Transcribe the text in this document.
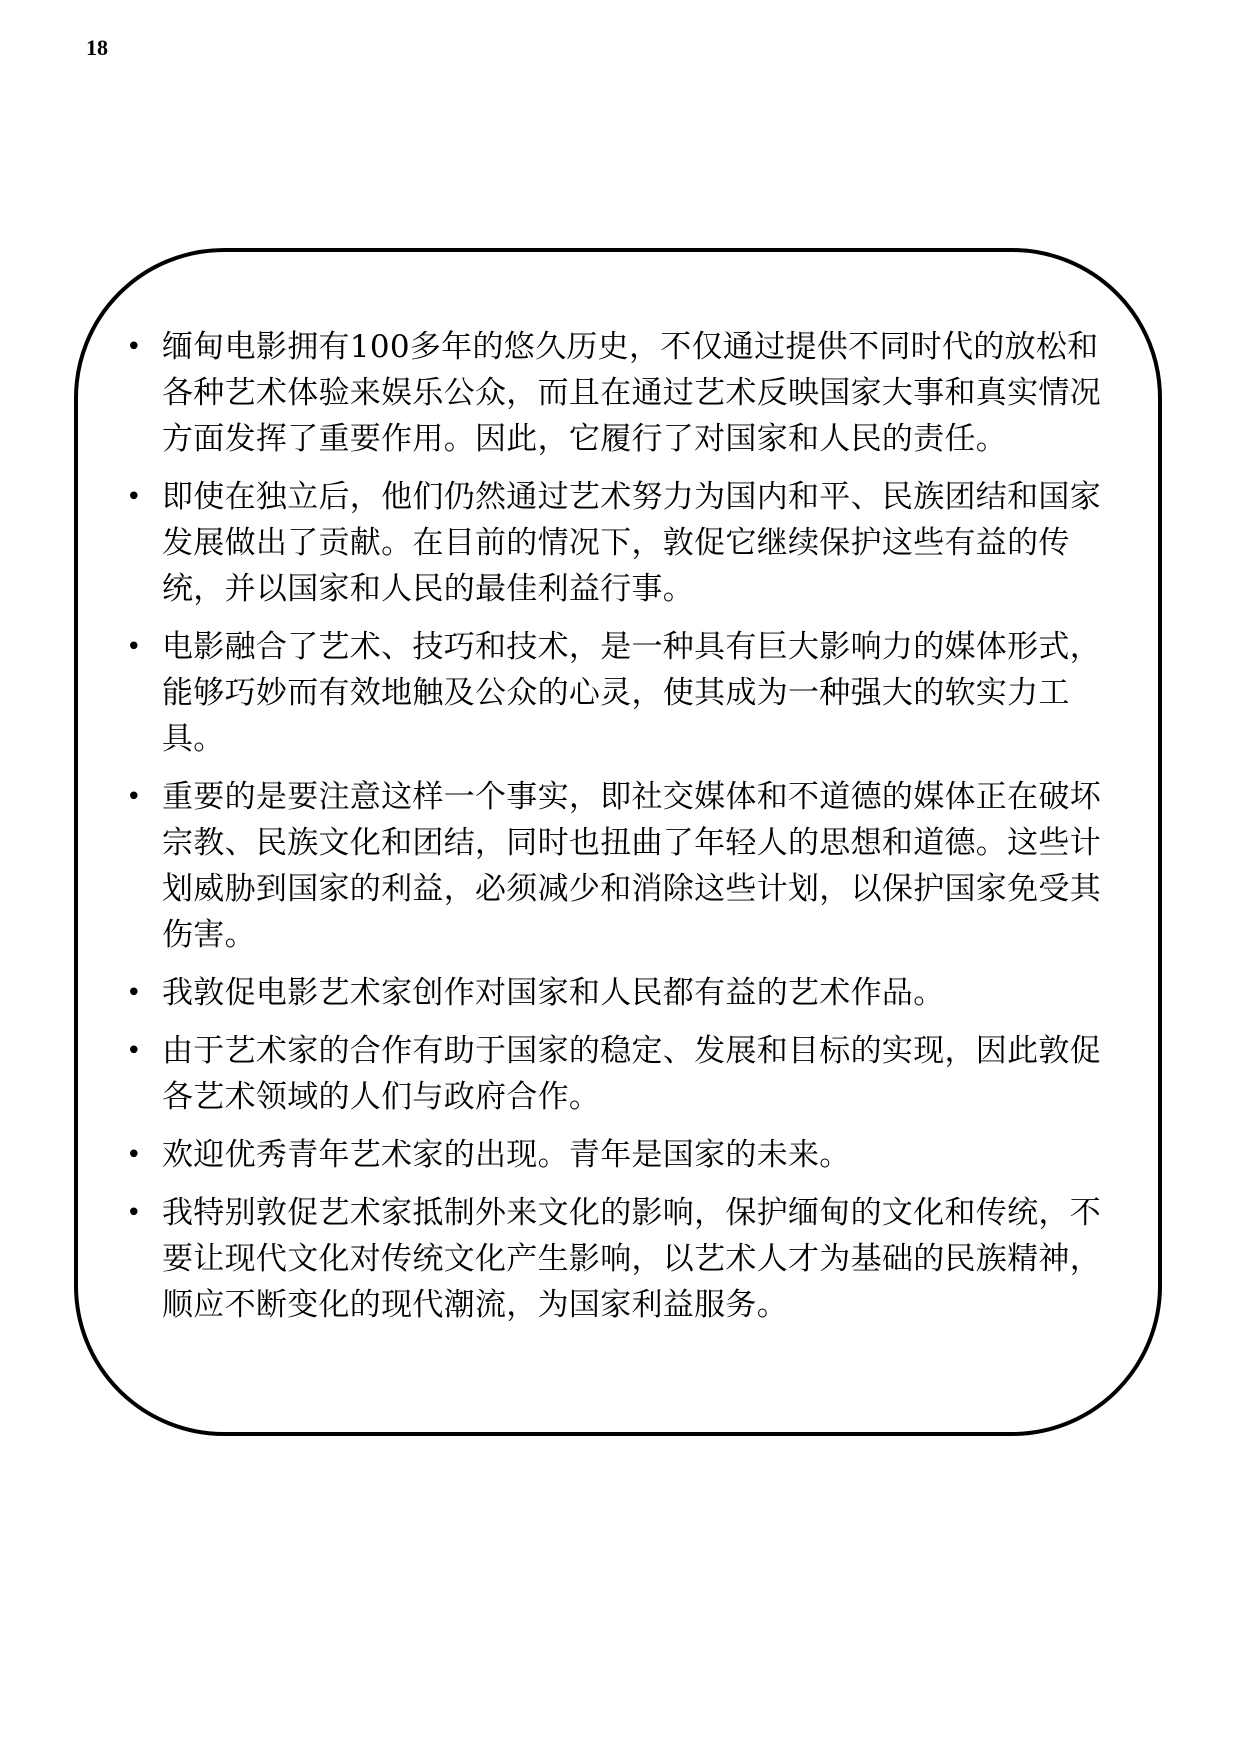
18
• 缅甸电影拥有100多年的悠久历史，不仅通过提供不同时代的放松和各种艺术体验来娱乐公众，而且在通过艺术反映国家大事和真实情况方面发挥了重要作用。因此，它履行了对国家和人民的责任。
• 即使在独立后，他们仍然通过艺术努力为国内和平、民族团结和国家发展做出了贡献。在目前的情况下，敦促它继续保护这些有益的传统，并以国家和人民的最佳利益行事。
• 电影融合了艺术、技巧和技术，是一种具有巨大影响力的媒体形式，能够巧妙而有效地触及公众的心灵，使其成为一种强大的软实力工具。
• 重要的是要注意这样一个事实，即社交媒体和不道德的媒体正在破坏宗教、民族文化和团结，同时也扭曲了年轻人的思想和道德。这些计划威胁到国家的利益，必须减少和消除这些计划，以保护国家免受其伤害。
• 我敦促电影艺术家创作对国家和人民都有益的艺术作品。
• 由于艺术家的合作有助于国家的稳定、发展和目标的实现，因此敦促各艺术领域的人们与政府合作。
• 欢迎优秀青年艺术家的出现。青年是国家的未来。
• 我特别敦促艺术家抵制外来文化的影响，保护缅甸的文化和传统，不要让现代文化对传统文化产生影响，以艺术人才为基础的民族精神，顺应不断变化的现代潮流，为国家利益服务。
